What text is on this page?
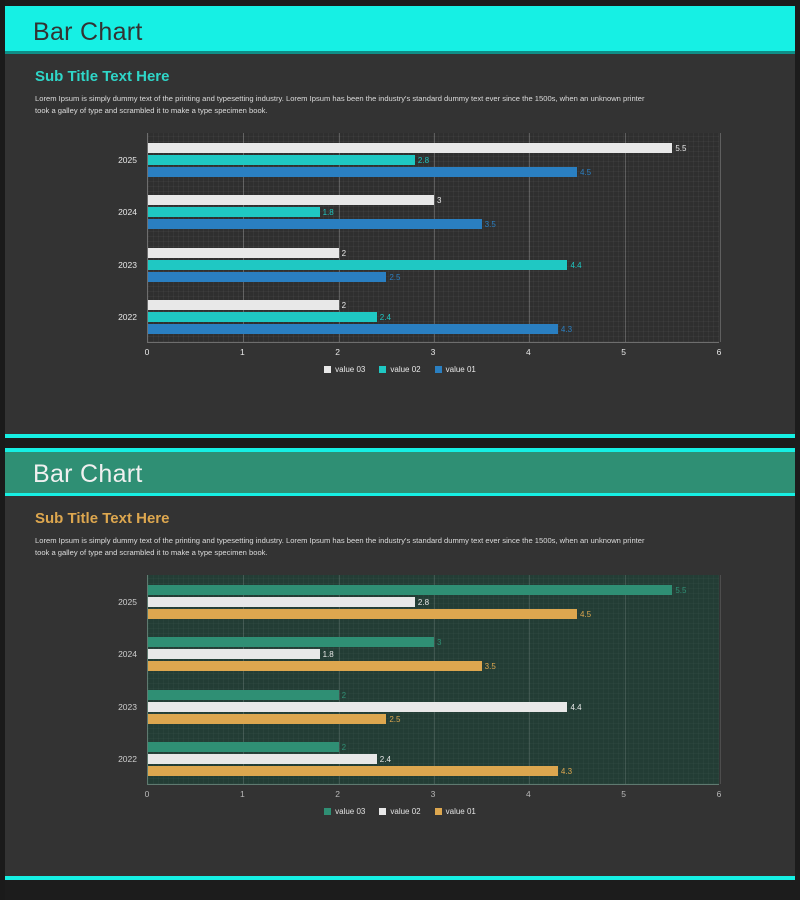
Bar Chart
Sub Title Text Here
Lorem Ipsum is simply dummy text of the printing and typesetting industry. Lorem Ipsum has been the industry's standard dummy text ever since the 1500s, when an unknown printer took a galley of type and scrambled it to make a type specimen book.
2022
2023
2024
2025
2
2.4
4.3
2
4.4
2.5
3
1.8
3.5
5.5
2.8
4.5
0	1	2	3	4	5	6
value 03	value 02	value 01
Bar Chart
Sub Title Text Here
Lorem Ipsum is simply dummy text of the printing and typesetting industry. Lorem Ipsum has been the industry's standard dummy text ever since the 1500s, when an unknown printer took a galley of type and scrambled it to make a type specimen book.
2022
2023
2024
2025
2
2.4
4.3
2
4.4
2.5
3
1.8
3.5
5.5
2.8
4.5
0	1	2	3	4	5	6
value 03	value 02	value 01
